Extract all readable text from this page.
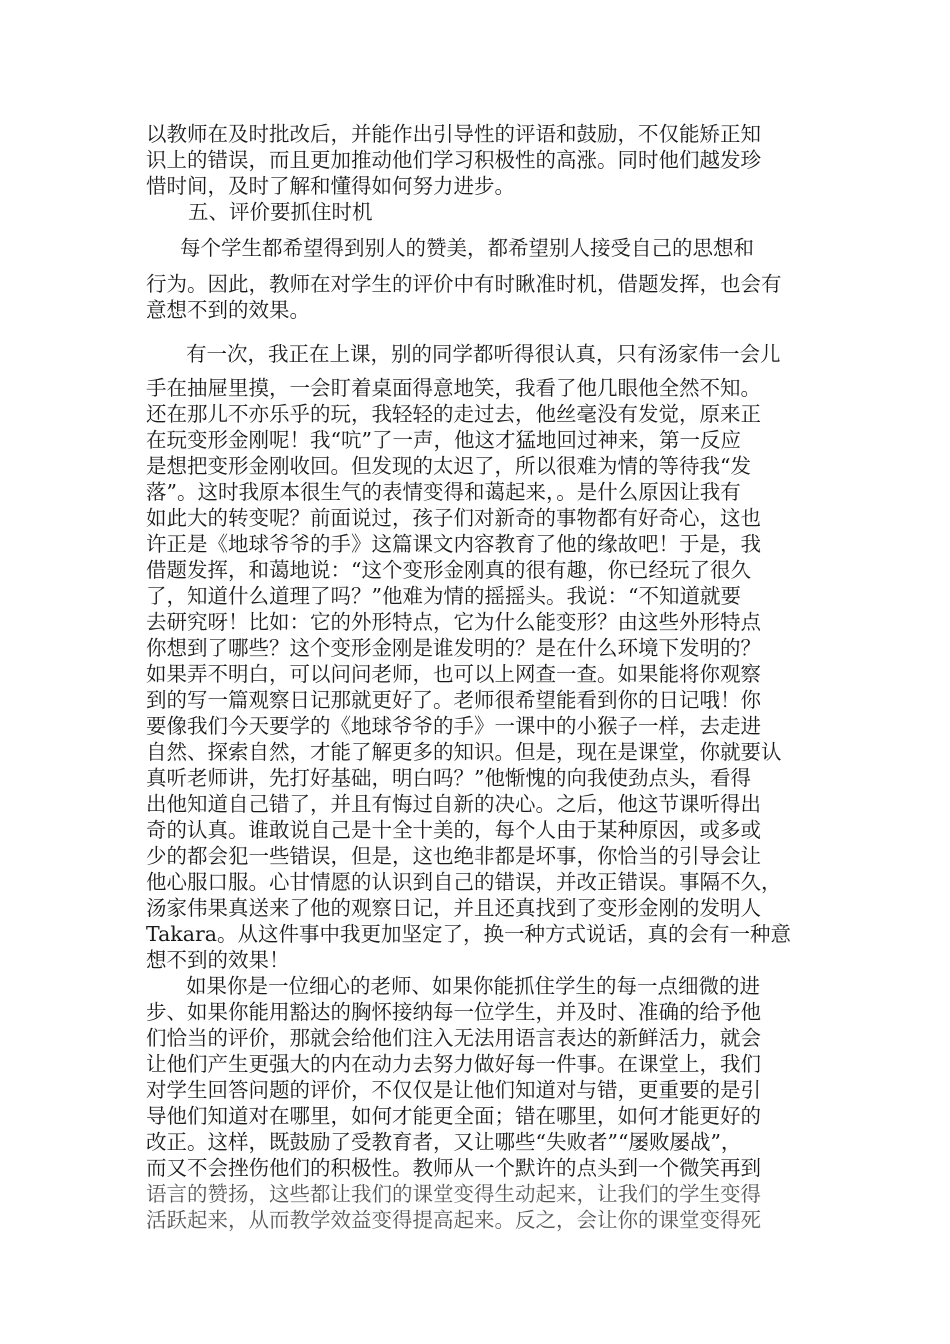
以教师在及时批改后，并能作出引导性的评语和鼓励，不仅能矫正知
识上的错误，而且更加推动他们学习积极性的高涨。同时他们越发珍
惜时间，及时了解和懂得如何努力进步。
五、评价要抓住时机
每个学生都希望得到别人的赞美，都希望别人接受自己的思想和
行为。因此，教师在对学生的评价中有时瞅准时机，借题发挥，也会有
意想不到的效果。
有一次，我正在上课，别的同学都听得很认真，只有汤家伟一会儿
手在抽屉里摸，一会盯着桌面得意地笑，我看了他几眼他全然不知。
还在那儿不亦乐乎的玩，我轻轻的走过去，他丝毫没有发觉，原来正
在玩变形金刚呢！我“吭”了一声，他这才猛地回过神来，第一反应
是想把变形金刚收回。但发现的太迟了，所以很难为情的等待我“发
落”。这时我原本很生气的表情变得和蔼起来，。是什么原因让我有
如此大的转变呢？前面说过，孩子们对新奇的事物都有好奇心，这也
许正是《地球爷爷的手》这篇课文内容教育了他的缘故吧！于是，我
借题发挥，和蔼地说：“这个变形金刚真的很有趣，你已经玩了很久
了，知道什么道理了吗？”他难为情的摇摇头。我说：“不知道就要
去研究呀！比如：它的外形特点，它为什么能变形？由这些外形特点
你想到了哪些？这个变形金刚是谁发明的？是在什么环境下发明的？
如果弄不明白，可以问问老师，也可以上网查一查。如果能将你观察
到的写一篇观察日记那就更好了。老师很希望能看到你的日记哦！你
要像我们今天要学的《地球爷爷的手》一课中的小猴子一样，去走进
自然、探索自然，才能了解更多的知识。但是，现在是课堂，你就要认
真听老师讲，先打好基础，明白吗？”他惭愧的向我使劲点头，看得
出他知道自己错了，并且有悔过自新的决心。之后，他这节课听得出
奇的认真。谁敢说自己是十全十美的，每个人由于某种原因，或多或
少的都会犯一些错误，但是，这也绝非都是坏事，你恰当的引导会让
他心服口服。心甘情愿的认识到自己的错误，并改正错误。事隔不久，
汤家伟果真送来了他的观察日记，并且还真找到了变形金刚的发明人
Takara。从这件事中我更加坚定了，换一种方式说话，真的会有一种意
想不到的效果！
如果你是一位细心的老师、如果你能抓住学生的每一点细微的进
步、如果你能用豁达的胸怀接纳每一位学生，并及时、准确的给予他
们恰当的评价，那就会给他们注入无法用语言表达的新鲜活力，就会
让他们产生更强大的内在动力去努力做好每一件事。在课堂上，我们
对学生回答问题的评价，不仅仅是让他们知道对与错，更重要的是引
导他们知道对在哪里，如何才能更全面；错在哪里，如何才能更好的
改正。这样，既鼓励了受教育者，又让哪些“失败者”“屡败屡战”，
而又不会挫伤他们的积极性。教师从一个默许的点头到一个微笑再到
语言的赞扬，这些都让我们的课堂变得生动起来，让我们的学生变得
活跃起来，从而教学效益变得提高起来。反之，会让你的课堂变得死
